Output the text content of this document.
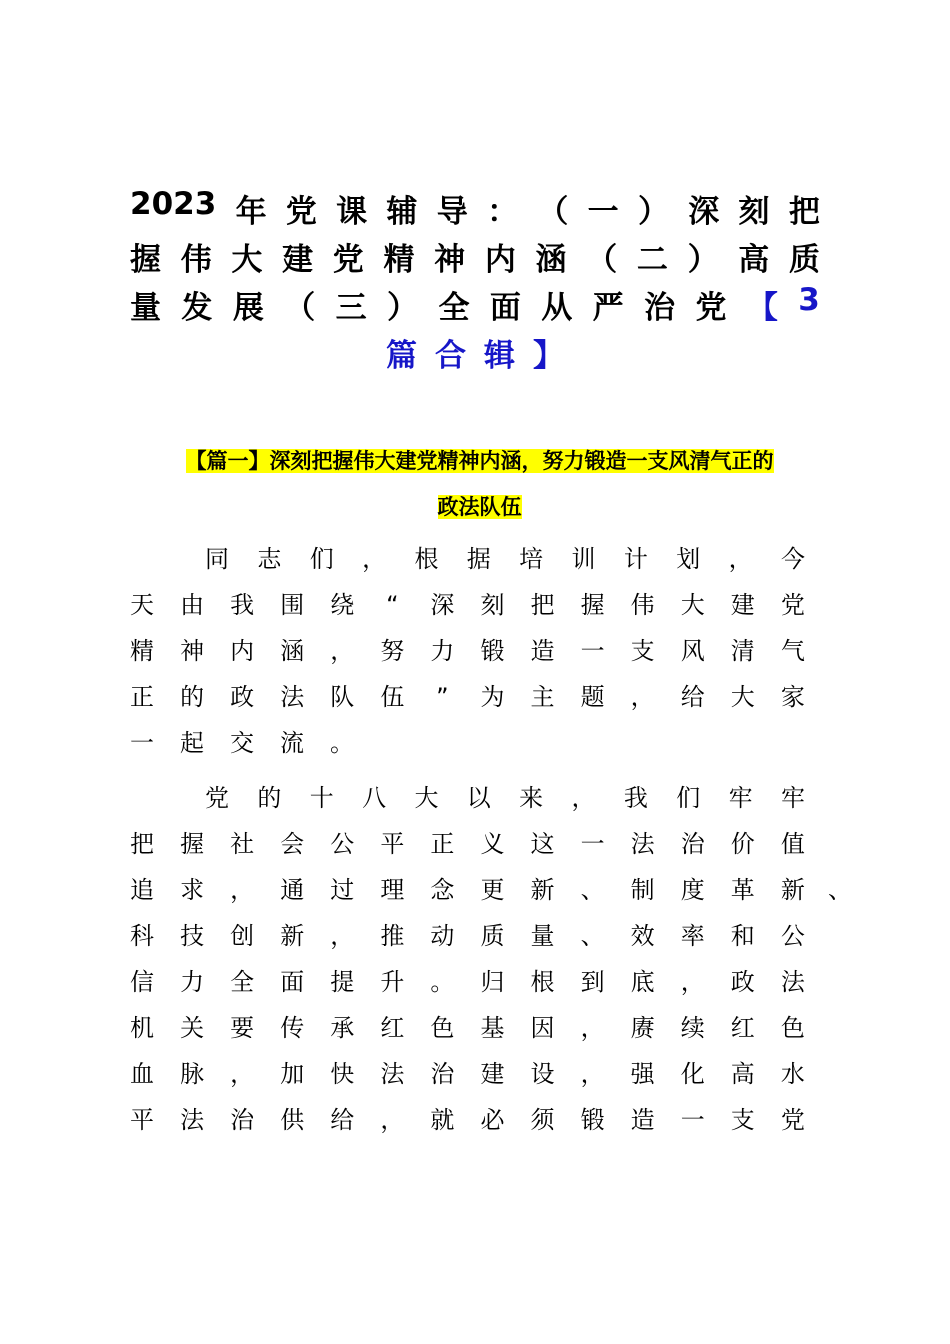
2023 年 党 课 辅 导 ： （ 一 ） 深 刻 把
握 伟 大 建 党 精 神 内 涵 （ 二 ） 高 质
量 发 展 （ 三 ） 全 面 从 严 治 党 【 3
篇 合 辑 】
【篇一】深刻把握伟大建党精神内涵，努力锻造一支风清气正的
政法队伍
同 志 们 ， 根 据 培 训 计 划 ， 今
天 由 我 围 绕 “ 深 刻 把 握 伟 大 建 党
精 神 内 涵 ， 努 力 锻 造 一 支 风 清 气
正 的 政 法 队 伍 ” 为 主 题 ， 给 大 家
一 起 交 流 。
党 的 十 八 大 以 来 ， 我 们 牢 牢
把 握 社 会 公 平 正 义 这 一 法 治 价 值
追 求 ， 通 过 理 念 更 新 、 制 度 革 新 、
科 技 创 新 ， 推 动 质 量 、 效 率 和 公
信 力 全 面 提 升 。 归 根 到 底 ， 政 法
机 关 要 传 承 红 色 基 因 ， 赓 续 红 色
血 脉 ， 加 快 法 治 建 设 ， 强 化 高 水
平 法 治 供 给 ， 就 必 须 锻 造 一 支 党
